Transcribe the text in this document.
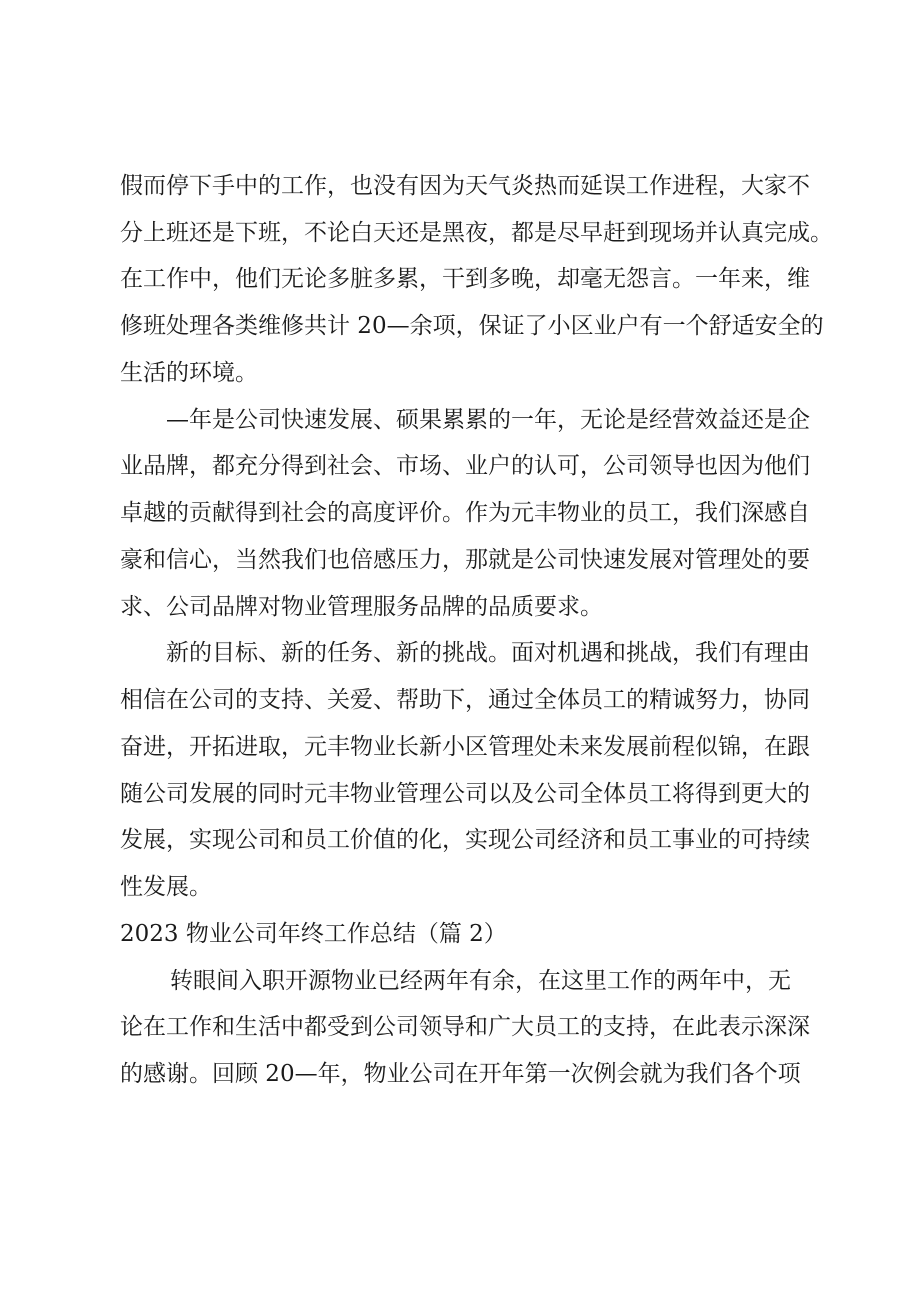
假而停下手中的工作，也没有因为天气炎热而延误工作进程，大家不

分上班还是下班，不论白天还是黑夜，都是尽早赶到现场并认真完成。

在工作中，他们无论多脏多累，干到多晚，却毫无怨言。一年来，维

修班处理各类维修共计 20—余项，保证了小区业户有一个舒适安全的

生活的环境。

—年是公司快速发展、硕果累累的一年，无论是经营效益还是企

业品牌，都充分得到社会、市场、业户的认可，公司领导也因为他们

卓越的贡献得到社会的高度评价。作为元丰物业的员工，我们深感自

豪和信心，当然我们也倍感压力，那就是公司快速发展对管理处的要

求、公司品牌对物业管理服务品牌的品质要求。

新的目标、新的任务、新的挑战。面对机遇和挑战，我们有理由

相信在公司的支持、关爱、帮助下，通过全体员工的精诚努力，协同

奋进，开拓进取，元丰物业长新小区管理处未来发展前程似锦，在跟

随公司发展的同时元丰物业管理公司以及公司全体员工将得到更大的

发展，实现公司和员工价值的化，实现公司经济和员工事业的可持续

性发展。

2023 物业公司年终工作总结（篇 2）

转眼间入职开源物业已经两年有余，在这里工作的两年中，无

论在工作和生活中都受到公司领导和广大员工的支持，在此表示深深

的感谢。回顾 20—年，物业公司在开年第一次例会就为我们各个项
